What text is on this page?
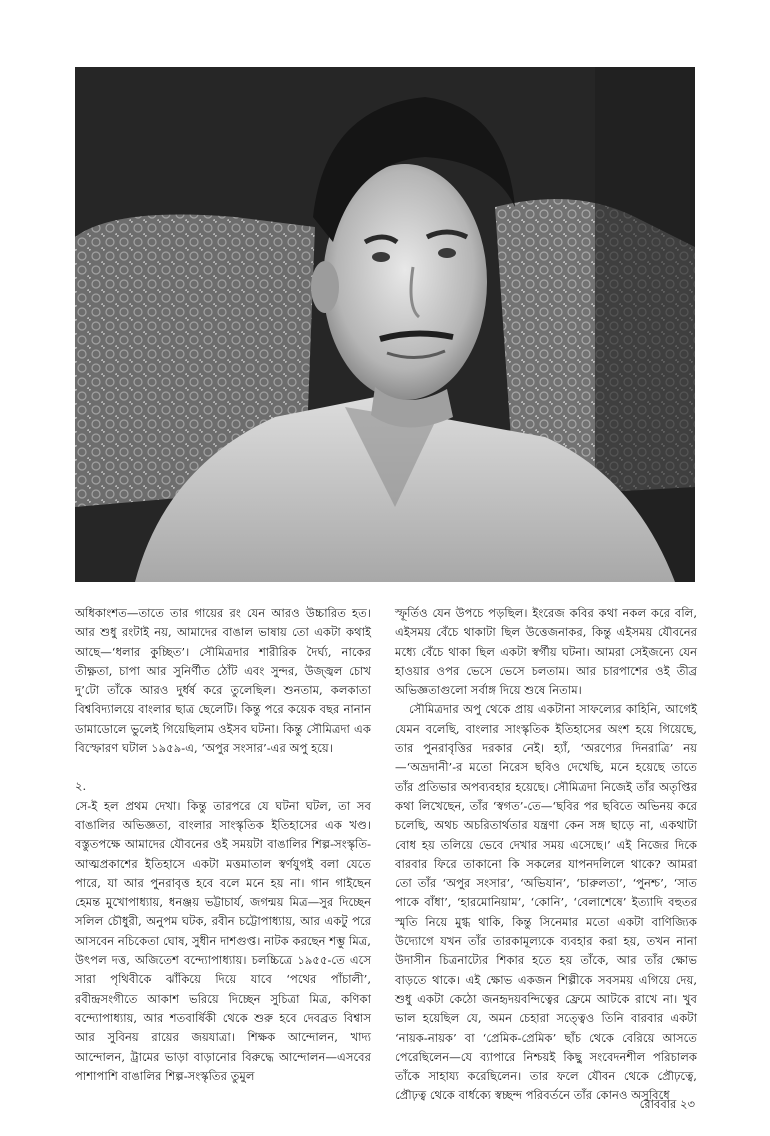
অধিকাংশত—তাতে তার গায়ের রং যেন আরও উচ্চারিত হত। আর শুধু রংটাই নয়, আমাদের বাঙাল ভাষায় তো একটা কথাই আছে—‘ধলার কুচ্ছিত’। সৌমিত্রদার শারীরিক দৈর্ঘ্য, নাকের তীক্ষ্ণতা, চাপা আর সুনির্ণীত ঠোঁট এবং সুন্দর, উজ্জ্বল চোখ দু’টো তাঁকে আরও দুর্ধর্ষ করে তুলেছিল। শুনতাম, কলকাতা বিশ্ববিদ্যালয়ে বাংলার ছাত্র ছেলেটি। কিন্তু পরে কয়েক বছর নানান ডামাডোলে ভুলেই গিয়েছিলাম ওইসব ঘটনা। কিন্তু সৌমিত্রদা এক বিস্ফোরণ ঘটাল ১৯৫৯-এ, ‘অপুর সংসার’-এর অপু হয়ে।

২.

সে-ই হল প্রথম দেখা। কিন্তু তারপরে যে ঘটনা ঘটল, তা সব বাঙালির অভিজ্ঞতা, বাংলার সাংস্কৃতিক ইতিহাসের এক খণ্ড। বস্তুতপক্ষে আমাদের যৌবনের ওই সময়টা বাঙালির শিল্প-সংস্কৃতি-আত্মপ্রকাশের ইতিহাসে একটা মত্তমাতাল স্বর্ণযুগই বলা যেতে পারে, যা আর পুনরাবৃত্ত হবে বলে মনে হয় না। গান গাইছেন হেমন্ত মুখোপাধ্যায়, ধনঞ্জয় ভট্টাচার্য, জগন্ময় মিত্র—সুর দিচ্ছেন সলিল চৌধুরী, অনুপম ঘটক, রবীন চট্টোপাধ্যায়, আর একটু পরে আসবেন নচিকেতা ঘোষ, সুধীন দাশগুপ্ত। নাটক করছেন শম্ভু মিত্র, উৎপল দত্ত, অজিতেশ বন্দ্যোপাধ্যায়। চলচ্চিত্রে ১৯৫৫-তে এসে সারা পৃথিবীকে ঝাঁকিয়ে দিয়ে যাবে ‘পথের পাঁচালী’, রবীন্দ্রসংগীতে আকাশ ভরিয়ে দিচ্ছেন সুচিত্রা মিত্র, কণিকা বন্দ্যোপাধ্যায়, আর শতবার্ষিকী থেকে শুরু হবে দেবব্রত বিশ্বাস আর সুবিনয় রায়ের জয়যাত্রা। শিক্ষক আন্দোলন, খাদ্য আন্দোলন, ট্রামের ভাড়া বাড়ানোর বিরুদ্ধে আন্দোলন—এসবের পাশাপাশি বাঙালির শিল্প-সংস্কৃতির তুমুল

স্ফূর্তিও যেন উপচে পড়ছিল। ইংরেজ কবির কথা নকল করে বলি, এইসময় বেঁচে থাকাটা ছিল উত্তেজনাকর, কিন্তু এইসময় যৌবনের মধ্যে বেঁচে থাকা ছিল একটা স্বর্গীয় ঘটনা। আমরা সেইজন্যে যেন হাওয়ার ওপর ভেসে ভেসে চলতাম। আর চারপাশের ওই তীব্র অভিজ্ঞতাগুলো সর্বাঙ্গ দিয়ে শুষে নিতাম।

সৌমিত্রদার অপু থেকে প্রায় একটানা সাফল্যের কাহিনি, আগেই যেমন বলেছি, বাংলার সাংস্কৃতিক ইতিহাসের অংশ হয়ে গিয়েছে, তার পুনরাবৃত্তির দরকার নেই। হ্যাঁ, ‘অরণ্যের দিনরাত্রি’ নয়—‘অভ্রদানী’-র মতো নিরেস ছবিও দেখেছি, মনে হয়েছে তাতে তাঁর প্রতিভার অপব্যবহার হয়েছে। সৌমিত্রদা নিজেই তাঁর অতৃপ্তির কথা লিখেছেন, তাঁর ‘স্বগত’-তে—‘ছবির পর ছবিতে অভিনয় করে চলেছি, অথচ অচরিতার্থতার যন্ত্রণা কেন সঙ্গ ছাড়ে না, একথাটা বোধ হয় তলিয়ে ভেবে দেখার সময় এসেছে।’ এই নিজের দিকে বারবার ফিরে তাকানো কি সকলের যাপনদলিলে থাকে? আমরা তো তাঁর ‘অপুর সংসার’, ‘অভিযান’, ‘চারুলতা’, ‘পুনশ্চ’, ‘সাত পাকে বাঁধা’, ‘হারমোনিয়াম’, ‘কোনি’, ‘বেলাশেষে’ ইত্যাদি বহুতর স্মৃতি নিয়ে মুগ্ধ থাকি, কিন্তু সিনেমার মতো একটা বাণিজ্যিক উদ্যোগে যখন তাঁর তারকামূল্যকে ব্যবহার করা হয়, তখন নানা উদাসীন চিত্রনাট্যের শিকার হতে হয় তাঁকে, আর তাঁর ক্ষোভ বাড়তে থাকে। এই ক্ষোভ একজন শিল্পীকে সবসময় এগিয়ে দেয়, শুধু একটা কেঠো জনহৃদয়বন্দিত্বের ফ্রেমে আটকে রাখে না। খুব ভাল হয়েছিল যে, অমন চেহারা সত্ত্বেও তিনি বারবার একটা ‘নায়ক-নায়ক’ বা ‘প্রেমিক-প্রেমিক’ ছাঁচ থেকে বেরিয়ে আসতে পেরেছিলেন—যে ব্যাপারে নিশ্চয়ই কিছু সংবেদনশীল পরিচালক তাঁকে সাহায্য করেছিলেন। তার ফলে যৌবন থেকে প্রৌঢ়ত্বে, প্রৌঢ়ত্ব থেকে বার্ধক্যে স্বচ্ছন্দ পরিবর্তনে তাঁর কোনও অসুবিধে

রোববার ২৩
